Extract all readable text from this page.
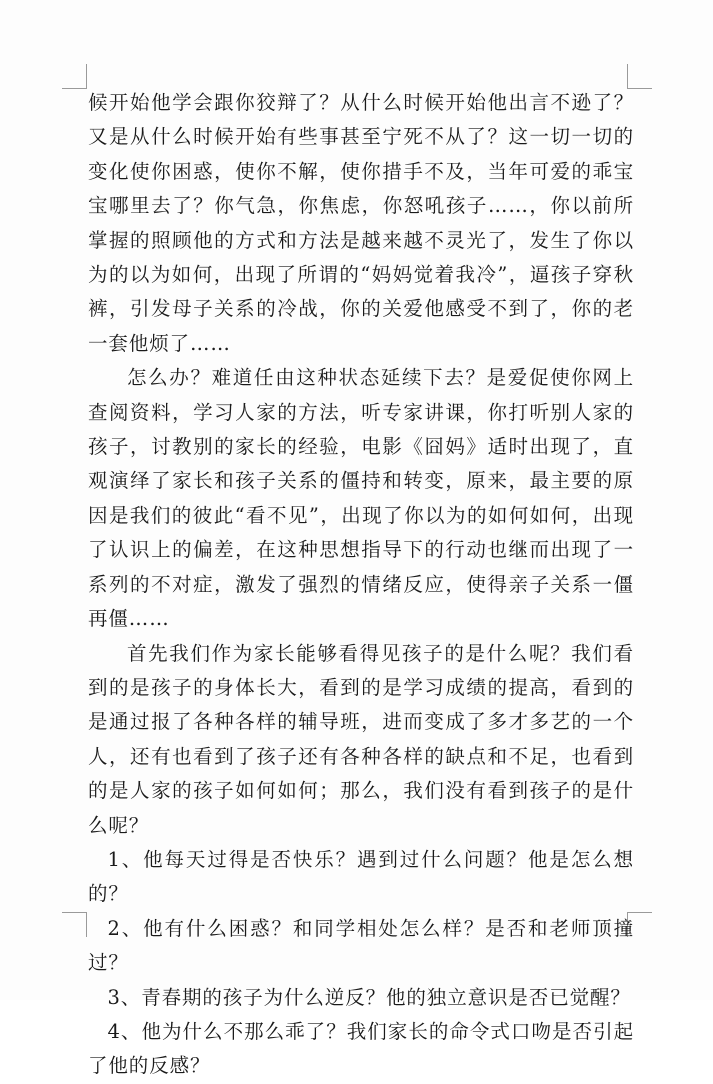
候开始他学会跟你狡辩了？从什么时候开始他出言不逊了？又是从什么时候开始有些事甚至宁死不从了？这一切一切的变化使你困惑，使你不解，使你措手不及，当年可爱的乖宝宝哪里去了？你气急，你焦虑，你怒吼孩子……，你以前所掌握的照顾他的方式和方法是越来越不灵光了，发生了你以为的以为如何，出现了所谓的“妈妈觉着我冷”，逼孩子穿秋裤，引发母子关系的冷战，你的关爱他感受不到了，你的老一套他烦了……

怎么办？难道任由这种状态延续下去？是爱促使你网上查阅资料，学习人家的方法，听专家讲课，你打听别人家的孩子，讨教别的家长的经验，电影《囧妈》适时出现了，直观演绎了家长和孩子关系的僵持和转变，原来，最主要的原因是我们的彼此“看不见”，出现了你以为的如何如何，出现了认识上的偏差，在这种思想指导下的行动也继而出现了一系列的不对症，激发了强烈的情绪反应，使得亲子关系一僵再僵……

首先我们作为家长能够看得见孩子的是什么呢？我们看到的是孩子的身体长大，看到的是学习成绩的提高，看到的是通过报了各种各样的辅导班，进而变成了多才多艺的一个人，还有也看到了孩子还有各种各样的缺点和不足，也看到的是人家的孩子如何如何；那么，我们没有看到孩子的是什么呢？

1、他每天过得是否快乐？遇到过什么问题？他是怎么想的？

2、他有什么困惑？和同学相处怎么样？是否和老师顶撞过？

3、青春期的孩子为什么逆反？他的独立意识是否已觉醒？

4、他为什么不那么乖了？我们家长的命令式口吻是否引起了他的反感？
